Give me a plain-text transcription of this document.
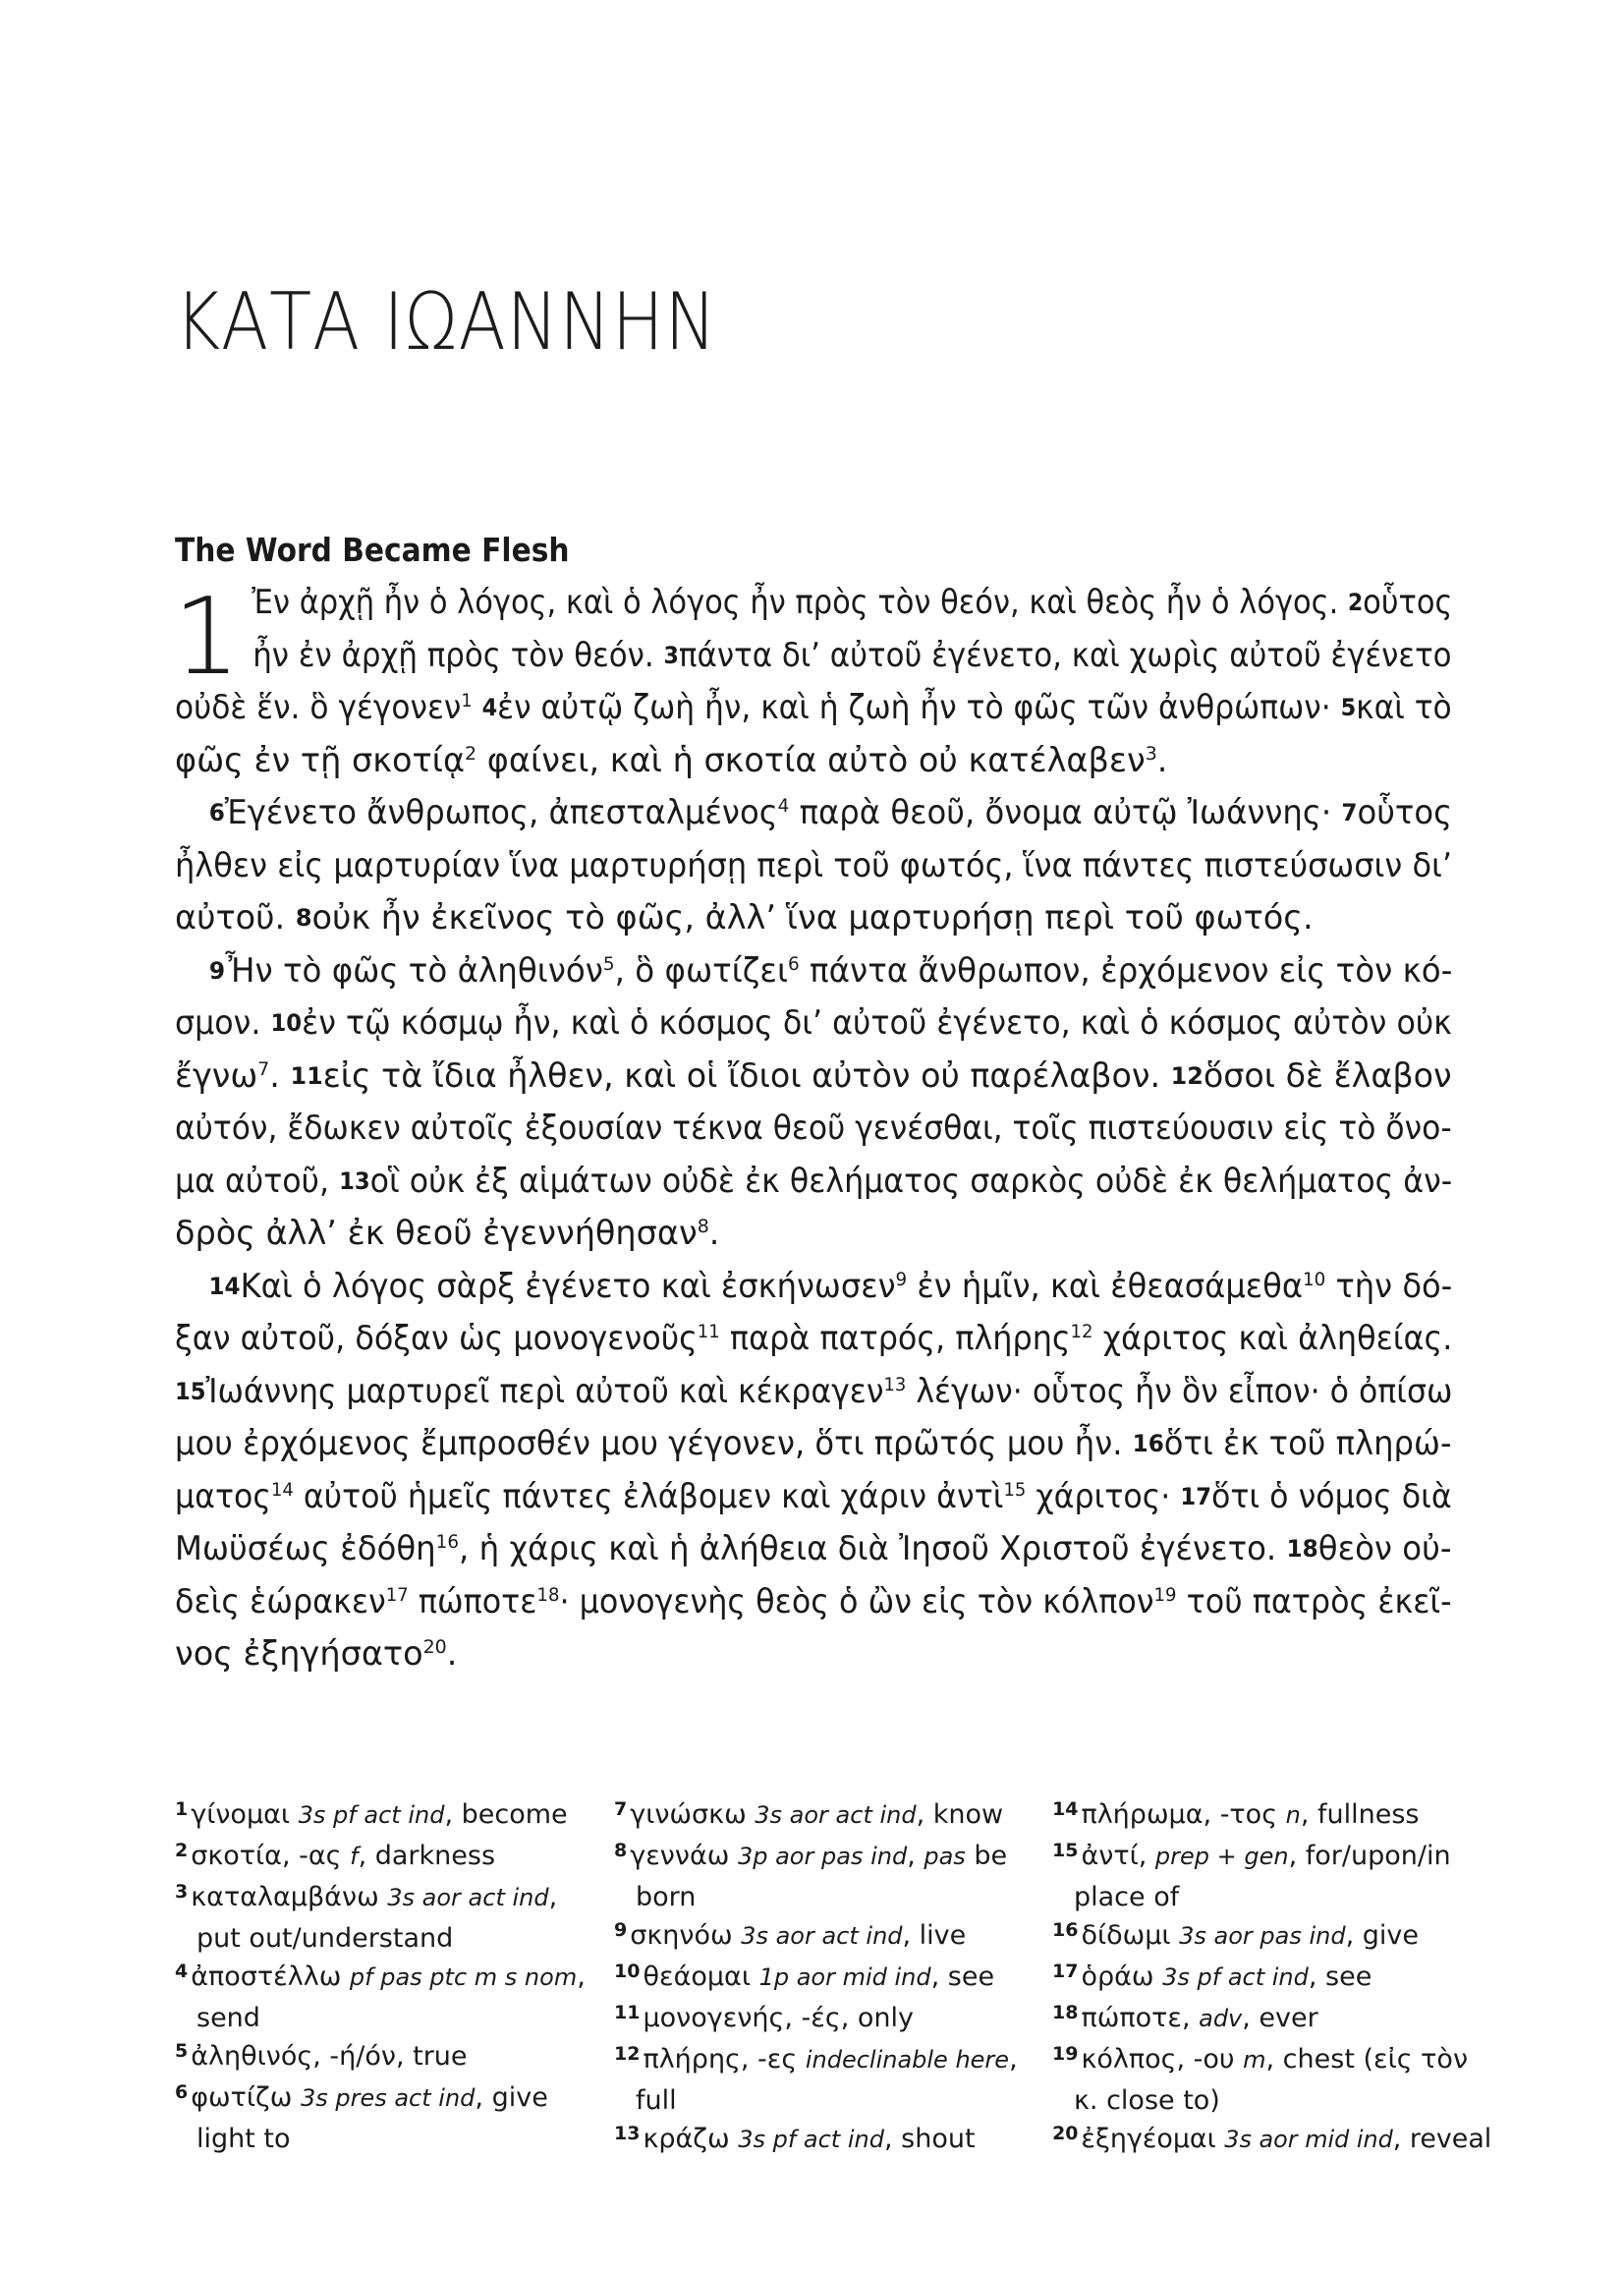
ΚΑΤΑ ΙΩΑΝΝΗΝ
The Word Became Flesh
1 Ἐν ἀρχῇ ἦν ὁ λόγος, καὶ ὁ λόγος ἦν πρὸς τὸν θεόν, καὶ θεὸς ἦν ὁ λόγος. 2οὗτος
ἦν ἐν ἀρχῇ πρὸς τὸν θεόν. 3πάντα δι’ αὐτοῦ ἐγένετο, καὶ χωρὶς αὐτοῦ ἐγένετο
οὐδὲ ἕν. ὃ γέγονεν$^1$ 4ἐν αὐτῷ ζωὴ ἦν, καὶ ἡ ζωὴ ἦν τὸ φῶς τῶν ἀνθρώπων· 5καὶ τὸ
φῶς ἐν τῇ σκοτίᾳ$^2$ φαίνει, καὶ ἡ σκοτία αὐτὸ οὐ κατέλαβεν$^3$.
6Ἐγένετο ἄνθρωπος, ἀπεσταλμένος$^4$ παρὰ θεοῦ, ὄνομα αὐτῷ Ἰωάννης· 7οὗτος
ἦλθεν εἰς μαρτυρίαν ἵνα μαρτυρήσῃ περὶ τοῦ φωτός, ἵνα πάντες πιστεύσωσιν δι’
αὐτοῦ. 8οὐκ ἦν ἐκεῖνος τὸ φῶς, ἀλλ’ ἵνα μαρτυρήσῃ περὶ τοῦ φωτός.
9Ἦν τὸ φῶς τὸ ἀληθινόν$^5$, ὃ φωτίζει$^6$ πάντα ἄνθρωπον, ἐρχόμενον εἰς τὸν κό-
σμον. 10ἐν τῷ κόσμῳ ἦν, καὶ ὁ κόσμος δι’ αὐτοῦ ἐγένετο, καὶ ὁ κόσμος αὐτὸν οὐκ
ἔγνω$^7$. 11εἰς τὰ ἴδια ἦλθεν, καὶ οἱ ἴδιοι αὐτὸν οὐ παρέλαβον. 12ὅσοι δὲ ἔλαβον
αὐτόν, ἔδωκεν αὐτοῖς ἐξουσίαν τέκνα θεοῦ γενέσθαι, τοῖς πιστεύουσιν εἰς τὸ ὄνο-
μα αὐτοῦ, 13οἳ οὐκ ἐξ αἱμάτων οὐδὲ ἐκ θελήματος σαρκὸς οὐδὲ ἐκ θελήματος ἀν-
δρὸς ἀλλ’ ἐκ θεοῦ ἐγεννήθησαν$^8$.
14Καὶ ὁ λόγος σὰρξ ἐγένετο καὶ ἐσκήνωσεν$^9$ ἐν ἡμῖν, καὶ ἐθεασάμεθα$^{10}$ τὴν δό-
ξαν αὐτοῦ, δόξαν ὡς μονογενοῦς$^{11}$ παρὰ πατρός, πλήρης$^{12}$ χάριτος καὶ ἀληθείας.
15Ἰωάννης μαρτυρεῖ περὶ αὐτοῦ καὶ κέκραγεν$^{13}$ λέγων· οὗτος ἦν ὃν εἶπον· ὁ ὀπίσω
μου ἐρχόμενος ἔμπροσθέν μου γέγονεν, ὅτι πρῶτός μου ἦν. 16ὅτι ἐκ τοῦ πληρώ-
ματος$^{14}$ αὐτοῦ ἡμεῖς πάντες ἐλάβομεν καὶ χάριν ἀντὶ$^{15}$ χάριτος· 17ὅτι ὁ νόμος διὰ
Μωϋσέως ἐδόθη$^{16}$, ἡ χάρις καὶ ἡ ἀλήθεια διὰ Ἰησοῦ Χριστοῦ ἐγένετο. 18θεὸν οὐ-
δεὶς ἑώρακεν$^{17}$ πώποτε$^{18}$· μονογενὴς θεὸς ὁ ὢν εἰς τὸν κόλπον$^{19}$ τοῦ πατρὸς ἐκεῖ-
νος ἐξηγήσατο$^{20}$.
$^1$ γίνομαι 3s pf act ind, become
$^2$ σκοτία, -ας f, darkness
$^3$ καταλαμβάνω 3s aor act ind,
put out/understand
$^4$ ἀποστέλλω pf pas ptc m s nom,
send
$^5$ ἀληθινός, -ή/όν, true
$^6$ φωτίζω 3s pres act ind, give
light to
$^7$ γινώσκω 3s aor act ind, know
$^8$ γεννάω 3p aor pas ind, pas be
born
$^9$ σκηνόω 3s aor act ind, live
$^{10}$ θεάομαι 1p aor mid ind, see
$^{11}$ μονογενής, -ές, only
$^{12}$ πλήρης, -ες indeclinable here,
full
$^{13}$ κράζω 3s pf act ind, shout
$^{14}$ πλήρωμα, -τος n, fullness
$^{15}$ ἀντί, prep + gen, for/upon/in
place of
$^{16}$ δίδωμι 3s aor pas ind, give
$^{17}$ ὁράω 3s pf act ind, see
$^{18}$ πώποτε, adv, ever
$^{19}$ κόλπος, -ου m, chest (εἰς τὸν
κ. close to)
$^{20}$ ἐξηγέομαι 3s aor mid ind, reveal
